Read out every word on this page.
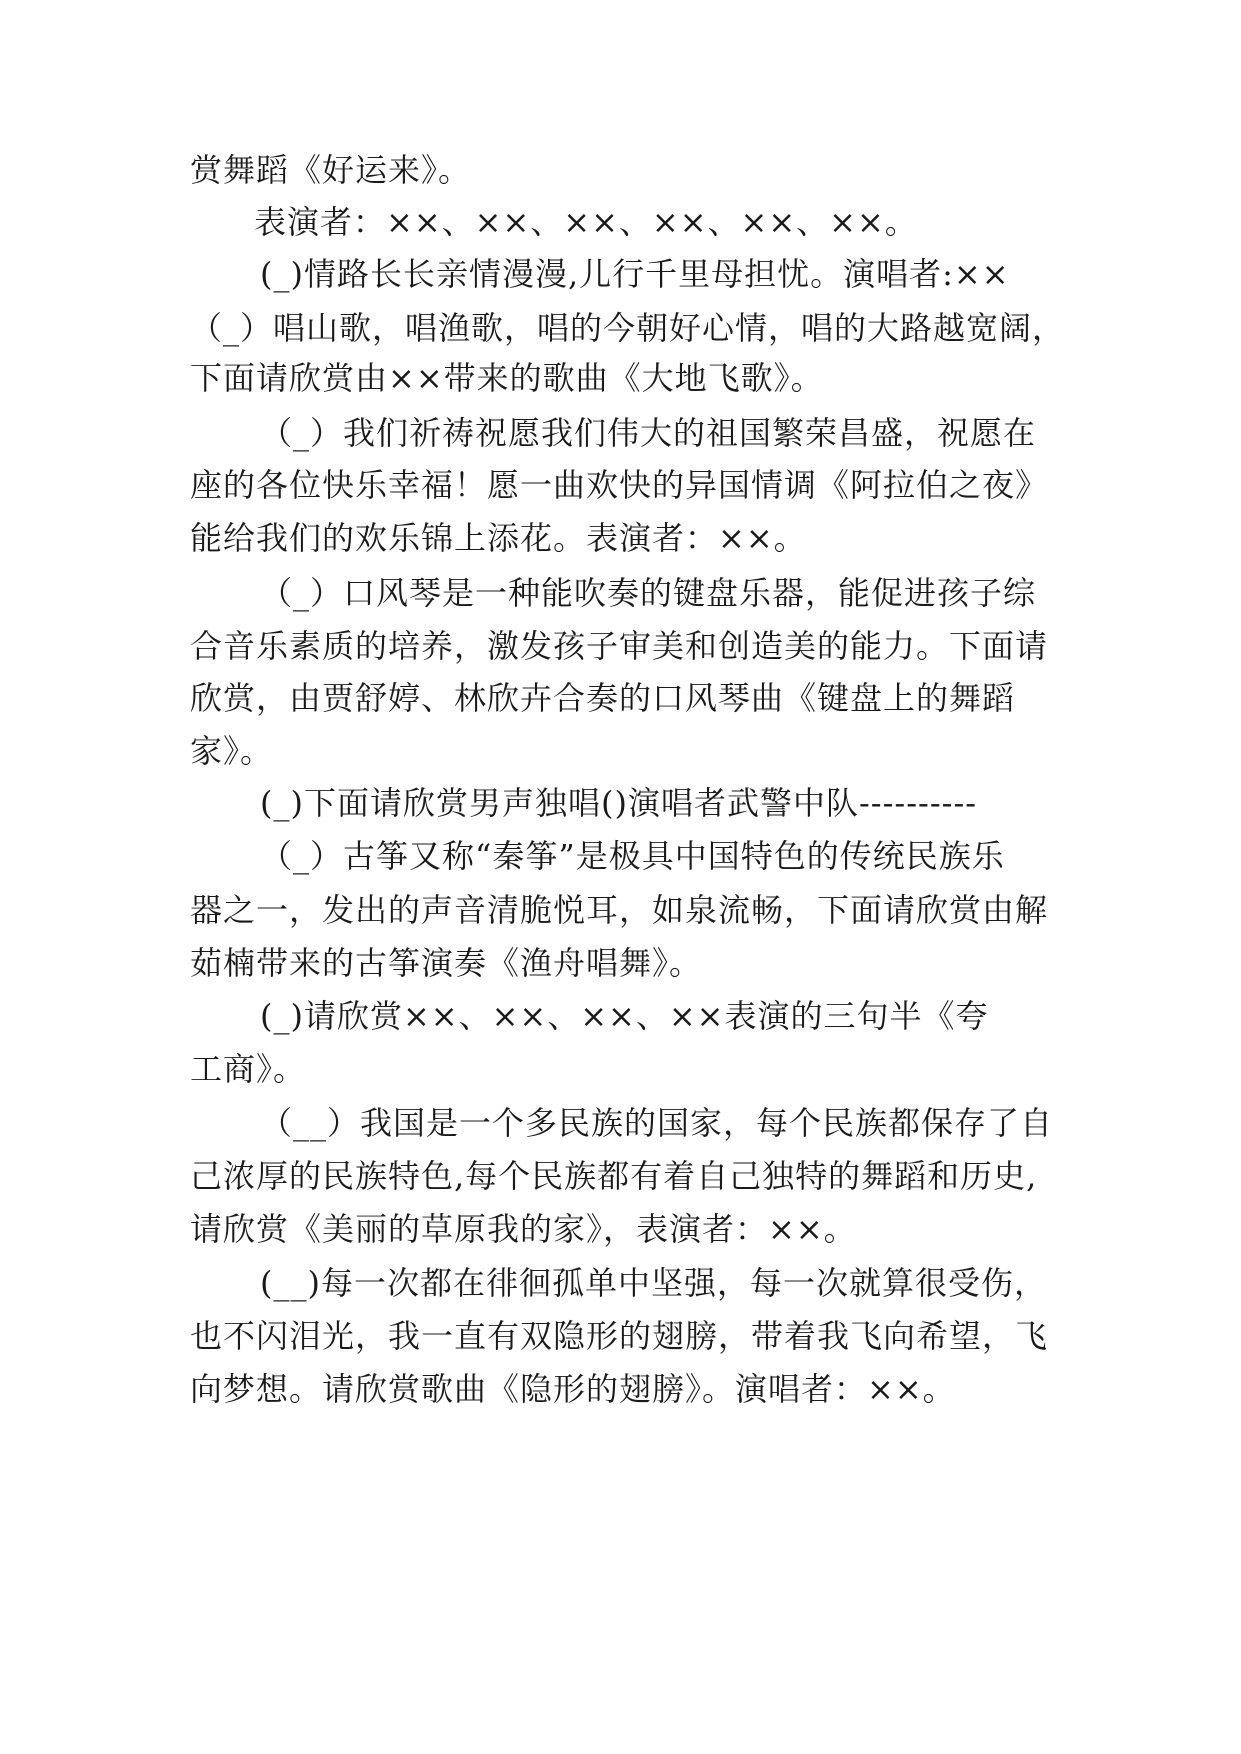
赏舞蹈《好运来》。
表演者：××、××、××、××、××、××。
(_)情路长长亲情漫漫,儿行千里母担忧。演唱者:××
（_）唱山歌，唱渔歌，唱的今朝好心情，唱的大路越宽阔，
下面请欣赏由××带来的歌曲《大地飞歌》。
（_）我们祈祷祝愿我们伟大的祖国繁荣昌盛，祝愿在
座的各位快乐幸福！愿一曲欢快的异国情调《阿拉伯之夜》
能给我们的欢乐锦上添花。表演者：××。
（_）口风琴是一种能吹奏的键盘乐器，能促进孩子综
合音乐素质的培养，激发孩子审美和创造美的能力。下面请
欣赏，由贾舒婷、林欣卉合奏的口风琴曲《键盘上的舞蹈
家》。
(_)下面请欣赏男声独唱()演唱者武警中队----------
（_）古筝又称“秦筝”是极具中国特色的传统民族乐
器之一，发出的声音清脆悦耳，如泉流畅，下面请欣赏由解
茹楠带来的古筝演奏《渔舟唱舞》。
(_)请欣赏××、××、××、××表演的三句半《夸
工商》。
（__）我国是一个多民族的国家，每个民族都保存了自
己浓厚的民族特色,每个民族都有着自己独特的舞蹈和历史,
请欣赏《美丽的草原我的家》，表演者：××。
(__)每一次都在徘徊孤单中坚强，每一次就算很受伤，
也不闪泪光，我一直有双隐形的翅膀，带着我飞向希望，飞
向梦想。请欣赏歌曲《隐形的翅膀》。演唱者：××。
